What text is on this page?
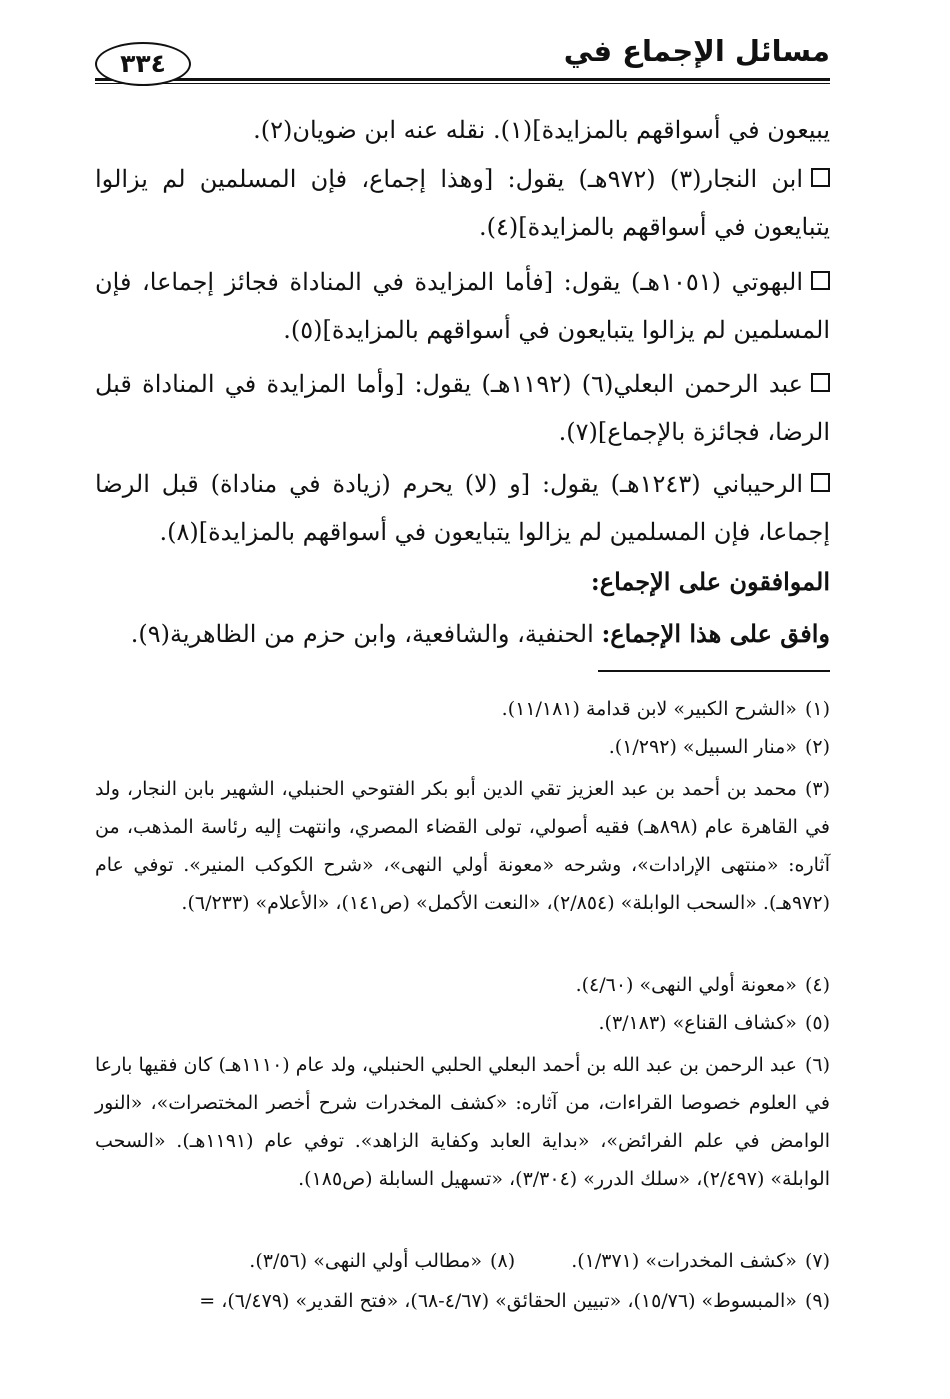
مسائل الإجماع في
٣٣٤
يبيعون في أسواقهم بالمزايدة](١). نقله عنه ابن ضويان(٢).
ابن النجار(٣) (٩٧٢هـ) يقول: [وهذا إجماع، فإن المسلمين لم يزالوا يتبايعون في أسواقهم بالمزايدة](٤).
البهوتي (١٠٥١هـ) يقول: [فأما المزايدة في المناداة فجائز إجماعا، فإن المسلمين لم يزالوا يتبايعون في أسواقهم بالمزايدة](٥).
عبد الرحمن البعلي(٦) (١١٩٢هـ) يقول: [وأما المزايدة في المناداة قبل الرضا، فجائزة بالإجماع](٧).
الرحيباني (١٢٤٣هـ) يقول: [و (لا) يحرم (زيادة في مناداة) قبل الرضا إجماعا، فإن المسلمين لم يزالوا يتبايعون في أسواقهم بالمزايدة](٨).
الموافقون على الإجماع:
وافق على هذا الإجماع: الحنفية، والشافعية، وابن حزم من الظاهرية(٩).
(١)«الشرح الكبير» لابن قدامة (١١/١٨١).
(٢)«منار السبيل» (١/٢٩٢).
(٣)محمد بن أحمد بن عبد العزيز تقي الدين أبو بكر الفتوحي الحنبلي، الشهير بابن النجار، ولد في القاهرة عام (٨٩٨هـ) فقيه أصولي، تولى القضاء المصري، وانتهت إليه رئاسة المذهب، من آثاره: «منتهى الإرادات»، وشرحه «معونة أولي النهى»، «شرح الكوكب المنير». توفي عام (٩٧٢هـ). «السحب الوابلة» (٢/٨٥٤)، «النعت الأكمل» (ص١٤١)، «الأعلام» (٦/٢٣٣).
(٤)«معونة أولي النهى» (٤/٦٠).
(٥)«كشاف القناع» (٣/١٨٣).
(٦)عبد الرحمن بن عبد الله بن أحمد البعلي الحلبي الحنبلي، ولد عام (١١١٠هـ) كان فقيها بارعا في العلوم خصوصا القراءات، من آثاره: «كشف المخدرات شرح أخصر المختصرات»، «النور الوامض في علم الفرائض»، «بداية العابد وكفاية الزاهد». توفي عام (١١٩١هـ). «السحب الوابلة» (٢/٤٩٧)، «سلك الدرر» (٣/٣٠٤)، «تسهيل السابلة (ص١٨٥).
(٧)«كشف المخدرات» (١/٣٧١).  (٨)«مطالب أولي النهى» (٣/٥٦).
(٩)«المبسوط» (١٥/٧٦)، «تبيين الحقائق» (٤/٦٧-٦٨)، «فتح القدير» (٦/٤٧٩)، =
